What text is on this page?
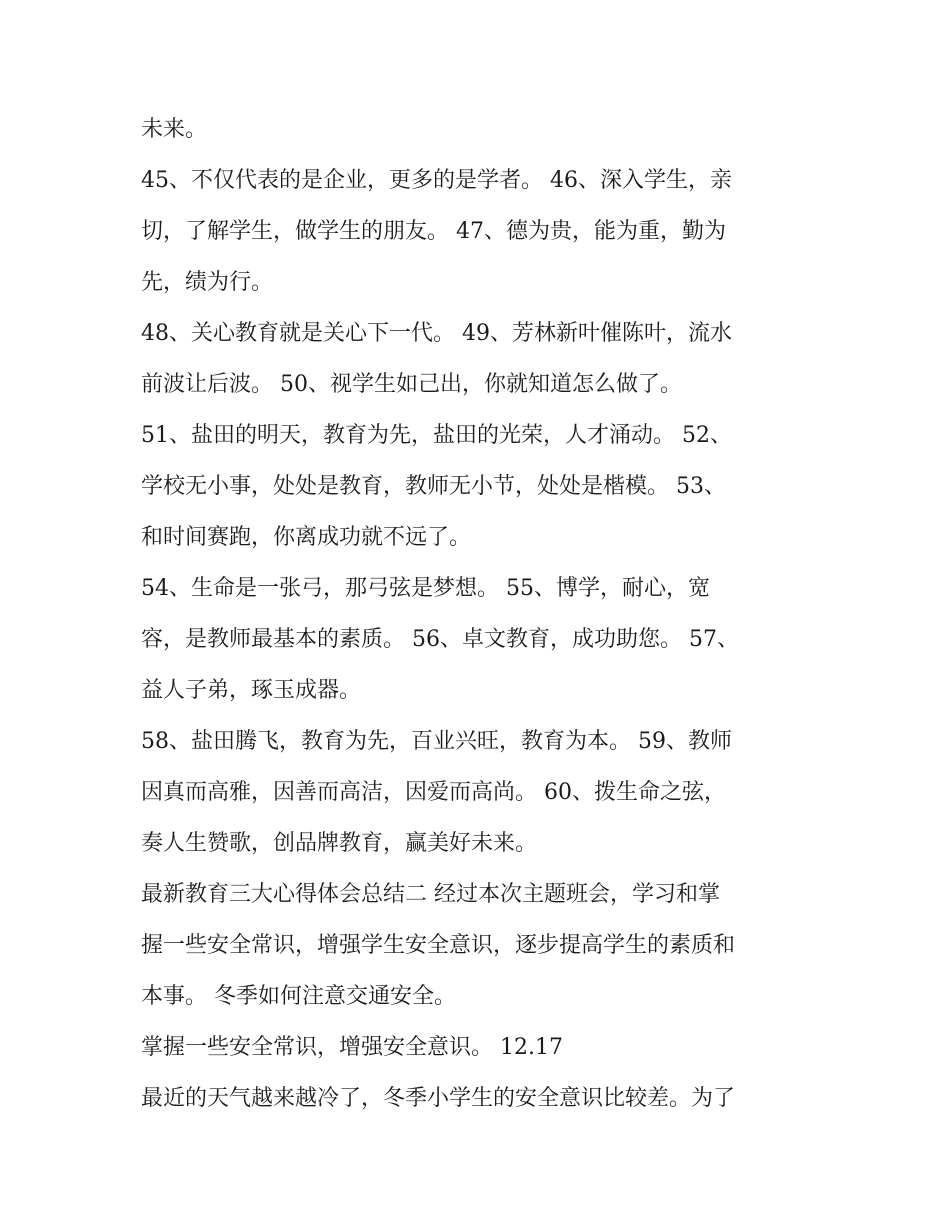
未来。
45、不仅代表的是企业，更多的是学者。 46、深入学生，亲
切，了解学生，做学生的朋友。 47、德为贵，能为重，勤为
先，绩为行。
48、关心教育就是关心下一代。 49、芳林新叶催陈叶，流水
前波让后波。 50、视学生如己出，你就知道怎么做了。
51、盐田的明天，教育为先，盐田的光荣，人才涌动。 52、
学校无小事，处处是教育，教师无小节，处处是楷模。 53、
和时间赛跑，你离成功就不远了。
54、生命是一张弓，那弓弦是梦想。 55、博学，耐心，宽
容，是教师最基本的素质。 56、卓文教育，成功助您。 57、
益人子弟，琢玉成器。
58、盐田腾飞，教育为先，百业兴旺，教育为本。 59、教师
因真而高雅，因善而高洁，因爱而高尚。 60、拨生命之弦，
奏人生赞歌，创品牌教育，赢美好未来。
最新教育三大心得体会总结二 经过本次主题班会，学习和掌
握一些安全常识，增强学生安全意识，逐步提高学生的素质和
本事。 冬季如何注意交通安全。
掌握一些安全常识，增强安全意识。 12.17
最近的天气越来越冷了，冬季小学生的安全意识比较差。为了
